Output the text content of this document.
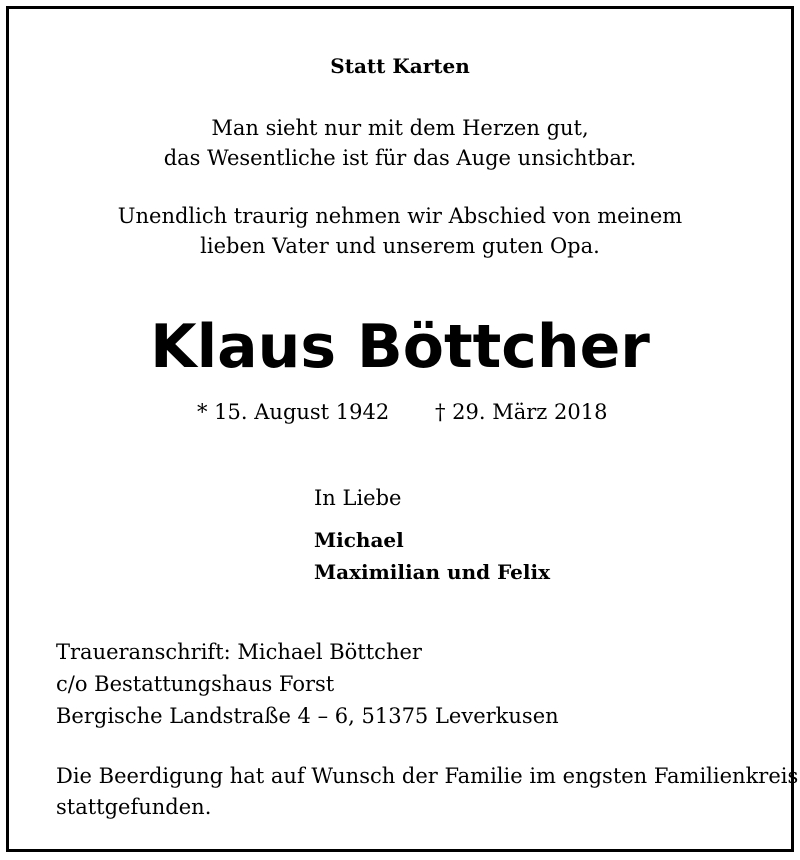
Statt Karten
Man sieht nur mit dem Herzen gut,
das Wesentliche ist für das Auge unsichtbar.
Unendlich traurig nehmen wir Abschied von meinem
lieben Vater und unserem guten Opa.
Klaus Böttcher
* 15. August 1942 † 29. März 2018
In Liebe
Michael
Maximilian und Felix
Traueranschrift: Michael Böttcher
c/o Bestattungshaus Forst
Bergische Landstraße 4 – 6, 51375 Leverkusen
Die Beerdigung hat auf Wunsch der Familie im engsten Familienkreis
stattgefunden.
